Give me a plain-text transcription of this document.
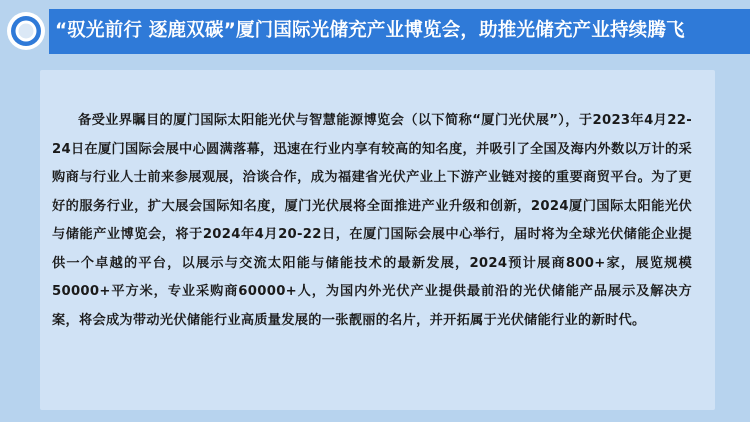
“驭光前行 逐鹿双碳”厦门国际光储充产业博览会，助推光储充产业持续腾飞

备受业界瞩目的厦门国际太阳能光伏与智慧能源博览会（以下简称“厦门光伏展”），于2023年4月22-24日在厦门国际会展中心圆满落幕，迅速在行业内享有较高的知名度，并吸引了全国及海内外数以万计的采购商与行业人士前来参展观展，洽谈合作，成为福建省光伏产业上下游产业链对接的重要商贸平台。为了更好的服务行业，扩大展会国际知名度，厦门光伏展将全面推进产业升级和创新，2024厦门国际太阳能光伏与储能产业博览会，将于2024年4月20-22日，在厦门国际会展中心举行，届时将为全球光伏储能企业提供一个卓越的平台，以展示与交流太阳能与储能技术的最新发展，2024预计展商800+家，展览规模50000+平方米，专业采购商60000+人，为国内外光伏产业提供最前沿的光伏储能产品展示及解决方案，将会成为带动光伏储能行业高质量发展的一张靓丽的名片，并开拓属于光伏储能行业的新时代。
